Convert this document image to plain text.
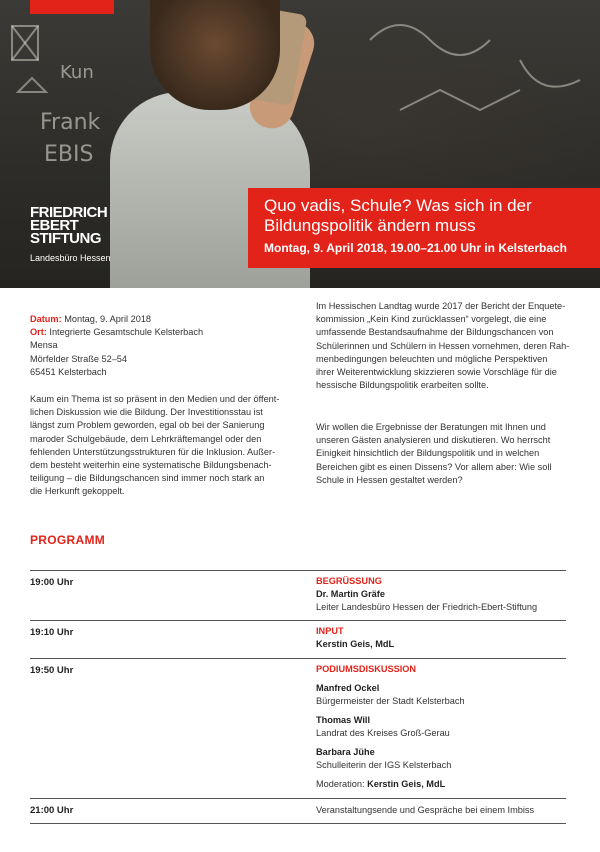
Kun
Frank
EBIS
FRIEDRICH
EBERT
STIFTUNG
Landesbüro Hessen

Quo vadis, Schule? Was sich in der Bildungspolitik ändern muss

Montag, 9. April 2018, 19.00–21.00 Uhr in Kelsterbach
Datum: Montag, 9. April 2018
Ort: Integrierte Gesamtschule Kelsterbach
Mensa
Mörfelder Straße 52–54
65451 Kelsterbach
Kaum ein Thema ist so präsent in den Medien und der öffent-
lichen Diskussion wie die Bildung. Der Investitionsstau ist
längst zum Problem geworden, egal ob bei der Sanierung
maroder Schulgebäude, dem Lehrkräftemangel oder den
fehlenden Unterstützungsstrukturen für die Inklusion. Außer-
dem besteht weiterhin eine systematische Bildungsbenach-
teiligung – die Bildungschancen sind immer noch stark an
die Herkunft gekoppelt.
Im Hessischen Landtag wurde 2017 der Bericht der Enquete-
kommission „Kein Kind zurücklassen“ vorgelegt, die eine
umfassende Bestandsaufnahme der Bildungschancen von
Schülerinnen und Schülern in Hessen vornehmen, deren Rah-
menbedingungen beleuchten und mögliche Perspektiven
ihrer Weiterentwicklung skizzieren sowie Vorschläge für die
hessische Bildungspolitik erarbeiten sollte.
Wir wollen die Ergebnisse der Beratungen mit Ihnen und
unseren Gästen analysieren und diskutieren. Wo herrscht
Einigkeit hinsichtlich der Bildungspolitik und in welchen
Bereichen gibt es einen Dissens? Vor allem aber: Wie soll
Schule in Hessen gestaltet werden?
PROGRAMM
19:00 Uhr	BEGRÜSSUNG
Dr. Martin Gräfe
Leiter Landesbüro Hessen der Friedrich-Ebert-Stiftung
19:10 Uhr	INPUT
Kerstin Geis, MdL
19:50 Uhr	PODIUMSDISKUSSION
Manfred Ockel
Bürgermeister der Stadt Kelsterbach
Thomas Will
Landrat des Kreises Groß-Gerau
Barbara Jühe
Schulleiterin der IGS Kelsterbach
Moderation: Kerstin Geis, MdL
21:00 Uhr	Veranstaltungsende und Gespräche bei einem Imbiss
